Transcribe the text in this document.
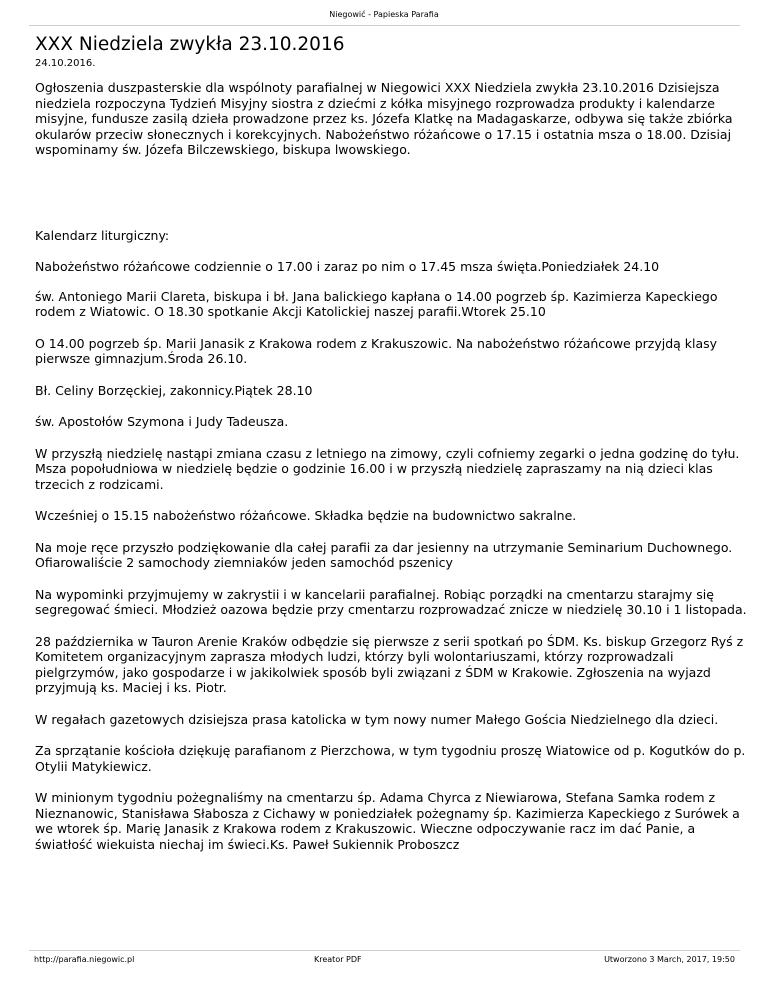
Niegowić - Papieska Parafia
XXX Niedziela zwykła 23.10.2016
24.10.2016.

Ogłoszenia duszpasterskie dla wspólnoty parafialnej w Niegowici XXX Niedziela zwykła 23.10.2016 Dzisiejsza niedziela rozpoczyna Tydzień Misyjny siostra z dziećmi z kółka misyjnego rozprowadza produkty i kalendarze misyjne, fundusze zasilą dzieła prowadzone przez ks. Józefa Klatkę na Madagaskarze, odbywa się także zbiórka okularów przeciw słonecznych i korekcyjnych. Nabożeństwo różańcowe o 17.15 i ostatnia msza o 18.00. Dzisiaj wspominamy św. Józefa Bilczewskiego, biskupa lwowskiego.

Kalendarz liturgiczny:

Nabożeństwo różańcowe codziennie o 17.00 i zaraz po nim o 17.45 msza święta.Poniedziałek 24.10

św. Antoniego Marii Clareta, biskupa i bł. Jana balickiego kapłana o 14.00 pogrzeb śp. Kazimierza Kapeckiego rodem z Wiatowic. O 18.30 spotkanie Akcji Katolickiej naszej parafii.Wtorek 25.10

O 14.00 pogrzeb śp. Marii Janasik z Krakowa rodem z Krakuszowic. Na nabożeństwo różańcowe przyjdą klasy pierwsze gimnazjum.Środa 26.10.

Bł. Celiny Borzęckiej, zakonnicy.Piątek 28.10

św. Apostołów Szymona i Judy Tadeusza.

W przyszłą niedzielę nastąpi zmiana czasu z letniego na zimowy, czyli cofniemy zegarki o jedna godzinę do tyłu. Msza popołudniowa w niedzielę będzie o godzinie 16.00 i w przyszłą niedzielę zapraszamy na nią dzieci klas trzecich z rodzicami.

Wcześniej o 15.15 nabożeństwo różańcowe. Składka będzie na budownictwo sakralne.

Na moje ręce przyszło podziękowanie dla całej parafii za dar jesienny na utrzymanie Seminarium Duchownego. Ofiarowaliście 2 samochody ziemniaków jeden samochód pszenicy

Na wypominki przyjmujemy w zakrystii i w kancelarii parafialnej. Robiąc porządki na cmentarzu starajmy się segregować śmieci. Młodzież oazowa będzie przy cmentarzu rozprowadzać znicze w niedzielę 30.10 i 1 listopada.

28 października w Tauron Arenie Kraków odbędzie się pierwsze z serii spotkań po ŚDM. Ks. biskup Grzegorz Ryś z Komitetem organizacyjnym zaprasza młodych ludzi, którzy byli wolontariuszami, którzy rozprowadzali pielgrzymów, jako gospodarze i w jakikolwiek sposób byli związani z ŚDM w Krakowie. Zgłoszenia na wyjazd przyjmują ks. Maciej i ks. Piotr.

W regałach gazetowych dzisiejsza prasa katolicka w tym nowy numer Małego Gościa Niedzielnego dla dzieci.

Za sprzątanie kościoła dziękuję parafianom z Pierzchowa, w tym tygodniu proszę Wiatowice od p. Kogutków do p. Otylii Matykiewicz.

W minionym tygodniu pożegnaliśmy na cmentarzu śp. Adama Chyrca z Niewiarowa, Stefana Samka rodem z Nieznanowic, Stanisława Słabosza z Cichawy w poniedziałek pożegnamy śp. Kazimierza Kapeckiego z Surówek a we wtorek śp. Marię Janasik z Krakowa rodem z Krakuszowic. Wieczne odpoczywanie racz im dać Panie, a światłość wiekuista niechaj im świeci.Ks. Paweł Sukiennik Proboszcz

http://parafia.niegowic.pl	Kreator PDF	Utworzono 3 March, 2017, 19:50
